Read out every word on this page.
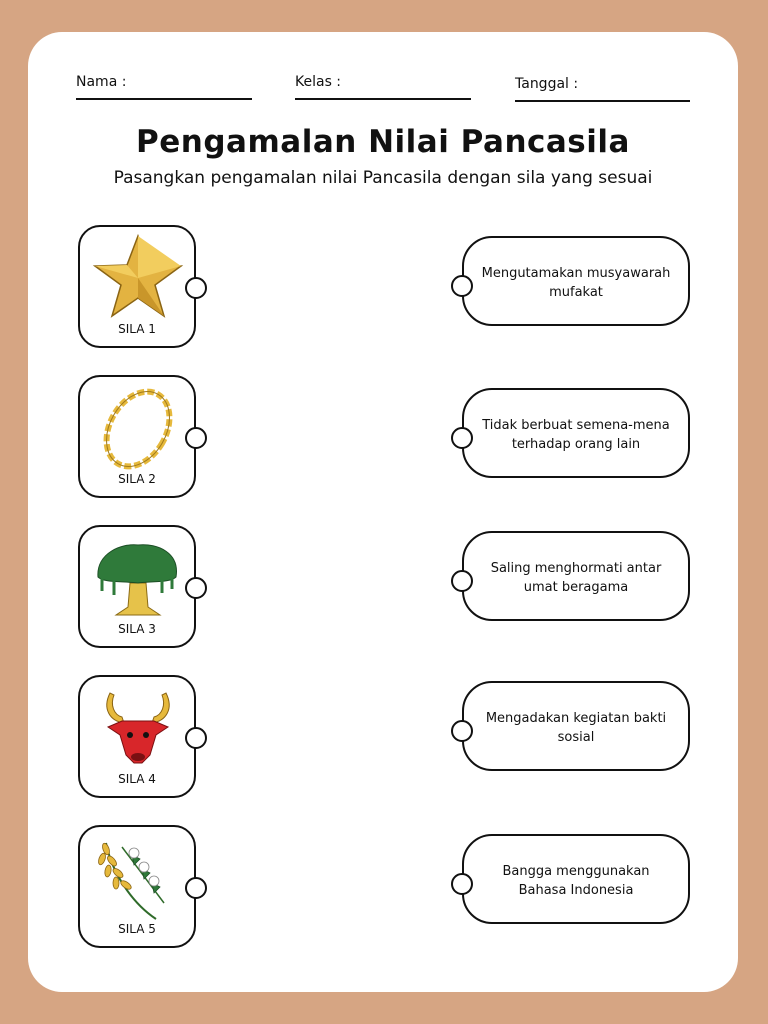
Nama :	Kelas :	Tanggal :
Pengamalan Nilai Pancasila
Pasangkan pengamalan nilai Pancasila dengan sila yang sesuai
SILA 1
SILA 2
SILA 3
SILA 4
SILA 5
Mengutamakan musyawarah mufakat
Tidak berbuat semena-mena terhadap orang lain
Saling menghormati antar umat beragama
Mengadakan kegiatan bakti sosial
Bangga menggunakan Bahasa Indonesia
